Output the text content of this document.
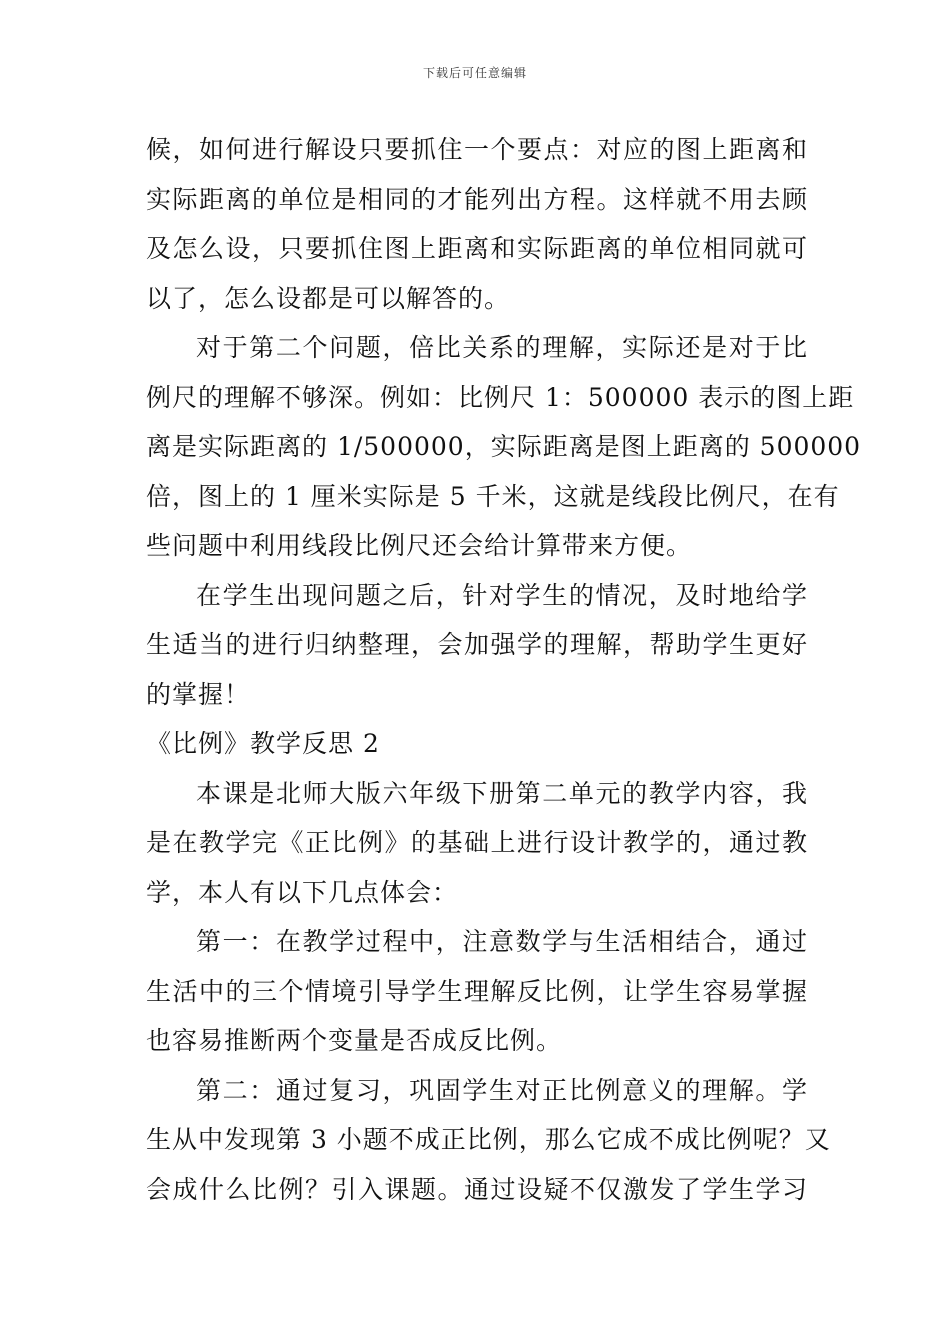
下载后可任意编辑
候，如何进行解设只要抓住一个要点：对应的图上距离和
实际距离的单位是相同的才能列出方程。这样就不用去顾
及怎么设，只要抓住图上距离和实际距离的单位相同就可
以了，怎么设都是可以解答的。
对于第二个问题，倍比关系的理解，实际还是对于比
例尺的理解不够深。例如：比例尺 1：500000 表示的图上距
离是实际距离的 1/500000，实际距离是图上距离的 500000
倍，图上的 1 厘米实际是 5 千米，这就是线段比例尺，在有
些问题中利用线段比例尺还会给计算带来方便。
在学生出现问题之后，针对学生的情况，及时地给学
生适当的进行归纳整理，会加强学的理解，帮助学生更好
的掌握！
《比例》教学反思 2
本课是北师大版六年级下册第二单元的教学内容，我
是在教学完《正比例》的基础上进行设计教学的，通过教
学，本人有以下几点体会：
第一：在教学过程中，注意数学与生活相结合，通过
生活中的三个情境引导学生理解反比例，让学生容易掌握
也容易推断两个变量是否成反比例。
第二：通过复习，巩固学生对正比例意义的理解。学
生从中发现第 3 小题不成正比例，那么它成不成比例呢？又
会成什么比例？引入课题。通过设疑不仅激发了学生学习
